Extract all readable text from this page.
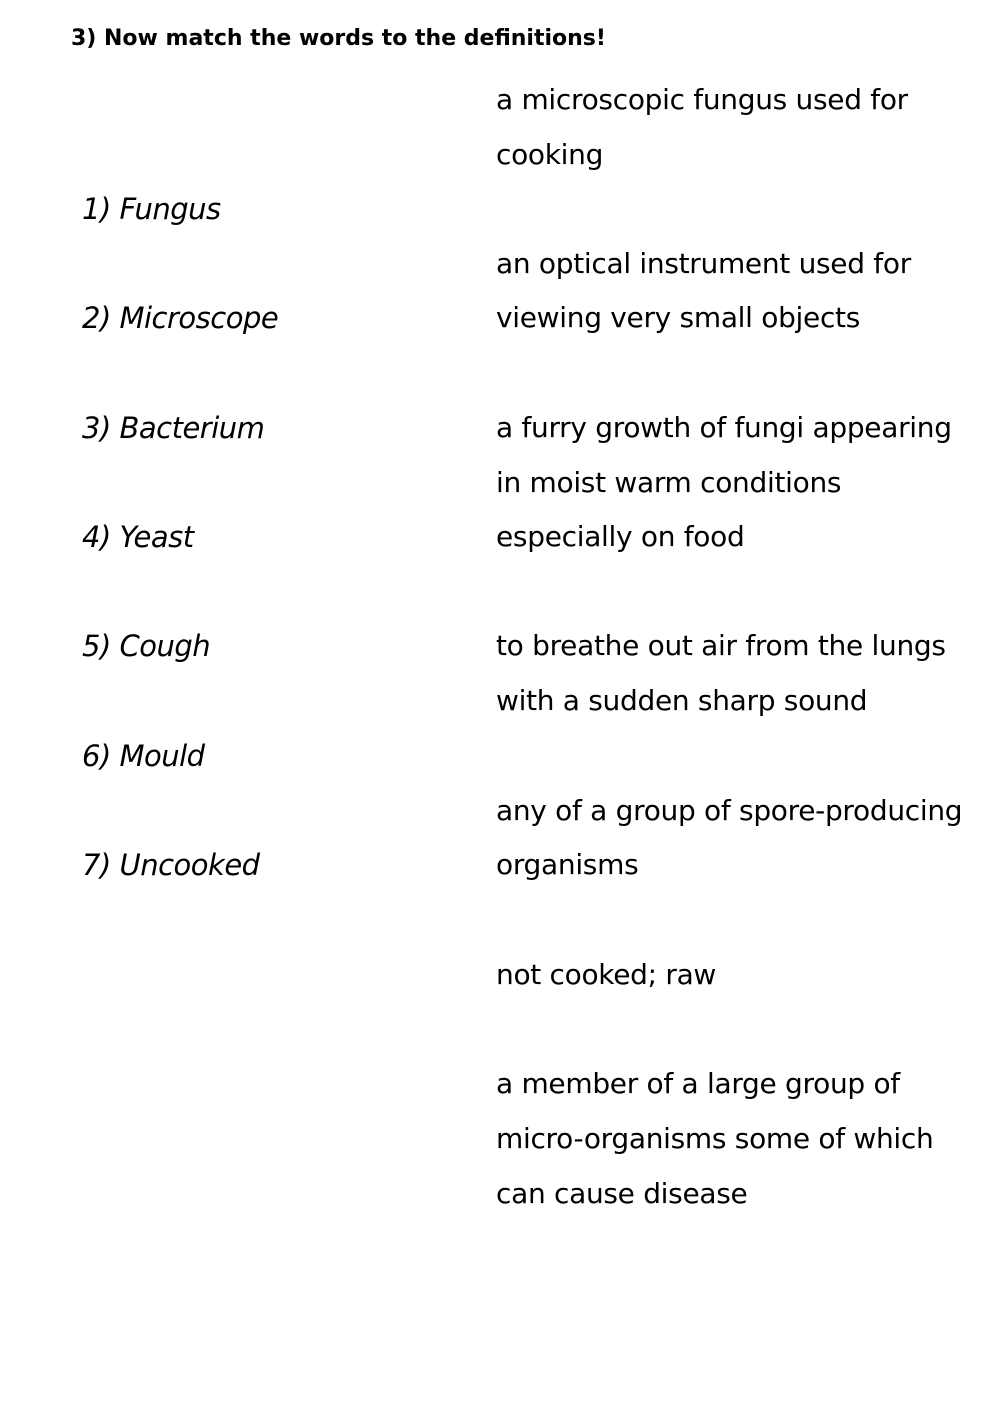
3) Now match the words to the definitions!
1) Fungus
2) Microscope
3) Bacterium
4) Yeast
5) Cough
6) Mould
7) Uncooked
a microscopic fungus used for
cooking
an optical instrument used for
viewing very small objects
a furry growth of fungi appearing
in moist warm conditions
especially on food
to breathe out air from the lungs
with a sudden sharp sound
any of a group of spore-producing
organisms
not cooked; raw
a member of a large group of
micro-organisms some of which
can cause disease
